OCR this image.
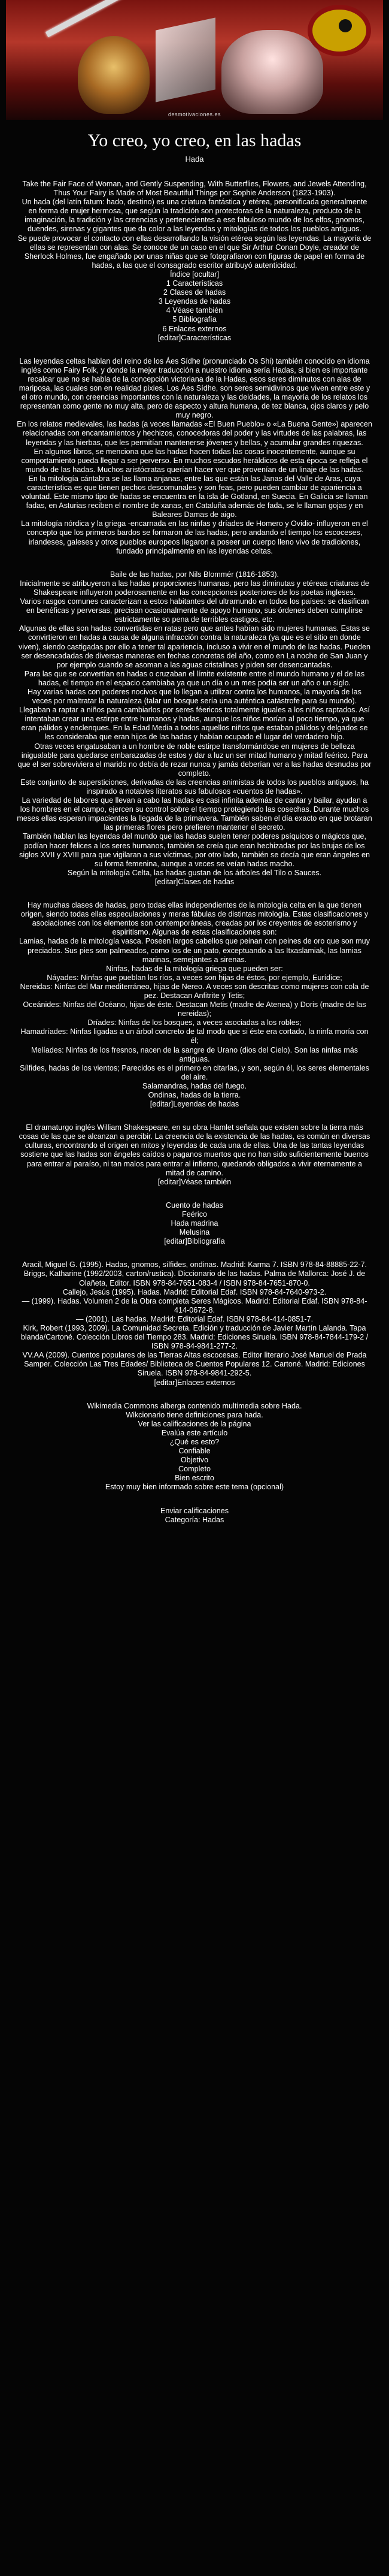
desmotivaciones.es
Yo creo, yo creo, en las hadas
Hada

Take the Fair Face of Woman, and Gently Suspending, With Butterflies, Flowers, and Jewels Attending, Thus Your Fairy is Made of Most Beautiful Things por Sophie Anderson (1823-1903).
Un hada (del latín fatum: hado, destino) es una criatura fantástica y etérea, personificada generalmente en forma de mujer hermosa, que según la tradición son protectoras de la naturaleza, producto de la imaginación, la tradición y las creencias y pertenecientes a ese fabuloso mundo de los elfos, gnomos, duendes, sirenas y gigantes que da color a las leyendas y mitologías de todos los pueblos antiguos.
Se puede provocar el contacto con ellas desarrollando la visión etérea según las leyendas. La mayoría de ellas se representan con alas. Se conoce de un caso en el que Sir Arthur Conan Doyle, creador de Sherlock Holmes, fue engañado por unas niñas que se fotografiaron con figuras de papel en forma de hadas, a las que el consagrado escritor atribuyó autenticidad.
Índice [ocultar]
1 Características
2 Clases de hadas
3 Leyendas de hadas
4 Véase también
5 Bibliografía
6 Enlaces externos
[editar]Características

Las leyendas celtas hablan del reino de los Áes Sídhe (pronunciado Os Shi) también conocido en idioma inglés como Fairy Folk, y donde la mejor traducción a nuestro idioma sería Hadas, si bien es importante recalcar que no se habla de la concepción victoriana de la Hadas, esos seres diminutos con alas de mariposa, las cuales son en realidad pixies. Los Áes Sídhe, son seres semidivinos que viven entre este y el otro mundo, con creencias importantes con la naturaleza y las deidades, la mayoría de los relatos los representan como gente no muy alta, pero de aspecto y altura humana, de tez blanca, ojos claros y pelo muy negro.
En los relatos medievales, las hadas (a veces llamadas «El Buen Pueblo» o «La Buena Gente») aparecen relacionadas con encantamientos y hechizos, conocedoras del poder y las virtudes de las palabras, las leyendas y las hierbas, que les permitían mantenerse jóvenes y bellas, y acumular grandes riquezas.
En algunos libros, se menciona que las hadas hacen todas las cosas inocentemente, aunque su comportamiento pueda llegar a ser perverso. En muchos escudos heráldicos de esta época se refleja el mundo de las hadas. Muchos aristócratas querían hacer ver que provenían de un linaje de las hadas.
En la mitología cántabra se las llama anjanas, entre las que están las Janas del Valle de Aras, cuya característica es que tienen pechos descomunales y son feas, pero pueden cambiar de apariencia a voluntad. Este mismo tipo de hadas se encuentra en la isla de Gotland, en Suecia. En Galicia se llaman fadas, en Asturias reciben el nombre de xanas, en Cataluña además de fada, se le llaman gojas y en Baleares Damas de aigo.
La mitología nórdica y la griega -encarnada en las ninfas y dríades de Homero y Ovidio- influyeron en el concepto que los primeros bardos se formaron de las hadas, pero andando el tiempo los escoceses, irlandeses, galeses y otros pueblos europeos llegaron a poseer un cuerpo lleno vivo de tradiciones, fundado principalmente en las leyendas celtas.

Baile de las hadas, por Nils Blommér (1816-1853).
Inicialmente se atribuyeron a las hadas proporciones humanas, pero las diminutas y etéreas criaturas de Shakespeare influyeron poderosamente en las concepciones posteriores de los poetas ingleses.
Varios rasgos comunes caracterizan a estos habitantes del ultramundo en todos los países: se clasifican en benéficas y perversas, precisan ocasionalmente de apoyo humano, sus órdenes deben cumplirse estrictamente so pena de terribles castigos, etc.
Algunas de ellas son hadas convertidas en ratas pero que antes habían sido mujeres humanas. Estas se convirtieron en hadas a causa de alguna infracción contra la naturaleza (ya que es el sitio en donde viven), siendo castigadas por ello a tener tal apariencia, incluso a vivir en el mundo de las hadas. Pueden ser desencadadas de diversas maneras en fechas concretas del año, como en La noche de San Juan y por ejemplo cuando se asoman a las aguas cristalinas y piden ser desencantadas.
Para las que se convertían en hadas o cruzaban el límite existente entre el mundo humano y el de las hadas, el tiempo en el espacio cambiaba ya que un día o un mes podía ser un año o un siglo.
Hay varias hadas con poderes nocivos que lo llegan a utilizar contra los humanos, la mayoría de las veces por maltratar la naturaleza (talar un bosque sería una auténtica catástrofe para su mundo).
Llegaban a raptar a niños para cambiarlos por seres féericos totalmente iguales a los niños raptados. Así intentaban crear una estirpe entre humanos y hadas, aunque los niños morían al poco tiempo, ya que eran pálidos y enclenques. En la Edad Media a todos aquellos niños que estaban pálidos y delgados se les consideraba que eran hijos de las hadas y habían ocupado el lugar del verdadero hijo.
Otras veces engatusaban a un hombre de noble estirpe transformándose en mujeres de belleza inigualable para quedarse embarazadas de estos y dar a luz un ser mitad humano y mitad feérico. Para que el ser sobreviviera el marido no debía de rezar nunca y jamás deberían ver a las hadas desnudas por completo.
Este conjunto de supersticiones, derivadas de las creencias animistas de todos los pueblos antiguos, ha inspirado a notables literatos sus fabulosos «cuentos de hadas».
La variedad de labores que llevan a cabo las hadas es casi infinita además de cantar y bailar, ayudan a los hombres en el campo, ejercen su control sobre el tiempo protegiendo las cosechas. Durante muchos meses ellas esperan impacientes la llegada de la primavera. También saben el día exacto en que brotaran las primeras flores pero prefieren mantener el secreto.
También hablan las leyendas del mundo que las hadas suelen tener poderes psíquicos o mágicos que, podían hacer felices a los seres humanos, también se creía que eran hechizadas por las brujas de los siglos XVII y XVIII para que vigilaran a sus víctimas, por otro lado, también se decía que eran ángeles en su forma femenina, aunque a veces se veían hadas macho.
Según la mitología Celta, las hadas gustan de los árboles del Tilo o Sauces.
[editar]Clases de hadas

Hay muchas clases de hadas, pero todas ellas independientes de la mitología celta en la que tienen origen, siendo todas ellas especulaciones y meras fábulas de distintas mitología. Estas clasificaciones y asociaciones con los elementos son contemporáneas, creadas por los creyentes de esoterismo y espiritismo. Algunas de estas clasificaciones son:
Lamias, hadas de la mitología vasca. Poseen largos cabellos que peinan con peines de oro que son muy preciados. Sus pies son palmeados, como los de un pato, exceptuando a las Itxaslamiak, las lamias marinas, semejantes a sirenas.
Ninfas, hadas de la mitología griega que pueden ser:
Náyades: Ninfas que pueblan los ríos, a veces son hijas de éstos, por ejemplo, Eurídice;
Nereidas: Ninfas del Mar mediterráneo, hijas de Nereo. A veces son descritas como mujeres con cola de pez. Destacan Anfitrite y Tetis;
Oceánides: Ninfas del Océano, hijas de éste. Destacan Metis (madre de Atenea) y Doris (madre de las nereidas);
Dríades: Ninfas de los bosques, a veces asociadas a los robles;
Hamadríades: Ninfas ligadas a un árbol concreto de tal modo que si éste era cortado, la ninfa moría con él;
Melíades: Ninfas de los fresnos, nacen de la sangre de Urano (dios del Cielo). Son las ninfas más antiguas.
Sílfides, hadas de los vientos; Parecidos es el primero en citarlas, y son, según él, los seres elementales del aire.
Salamandras, hadas del fuego.
Ondinas, hadas de la tierra.
[editar]Leyendas de hadas

El dramaturgo inglés William Shakespeare, en su obra Hamlet señala que existen sobre la tierra más cosas de las que se alcanzan a percibir. La creencia de la existencia de las hadas, es común en diversas culturas, encontrando el origen en mitos y leyendas de cada una de ellas. Una de las tantas leyendas sostiene que las hadas son ángeles caídos o paganos muertos que no han sido suficientemente buenos para entrar al paraíso, ni tan malos para entrar al infierno, quedando obligados a vivir eternamente a mitad de camino.
[editar]Véase también

Cuento de hadas
Feérico
Hada madrina
Melusina
[editar]Bibliografía

Aracil, Miguel G. (1995). Hadas, gnomos, sílfides, ondinas. Madrid: Karma 7. ISBN 978-84-88885-22-7.
Briggs, Katharine (1992/2003, carton/rustica). Diccionario de las hadas. Palma de Mallorca: José J. de Olañeta, Editor. ISBN 978-84-7651-083-4 / ISBN 978-84-7651-870-0.
Callejo, Jesús (1995). Hadas. Madrid: Editorial Edaf. ISBN 978-84-7640-973-2.
— (1999). Hadas. Volumen 2 de la Obra completa Seres Mágicos. Madrid: Editorial Edaf. ISBN 978-84-414-0672-8.
— (2001). Las hadas. Madrid: Editorial Edaf. ISBN 978-84-414-0851-7.
Kirk, Robert (1993, 2009). La Comunidad Secreta. Edición y traducción de Javier Martín Lalanda. Tapa blanda/Cartoné. Colección Libros del Tiempo 283. Madrid: Ediciones Siruela. ISBN 978-84-7844-179-2 / ISBN 978-84-9841-277-2.
VV.AA (2009). Cuentos populares de las Tierras Altas escocesas. Editor literario José Manuel de Prada Samper. Colección Las Tres Edades/ Biblioteca de Cuentos Populares 12. Cartoné. Madrid: Ediciones Siruela. ISBN 978-84-9841-292-5.
[editar]Enlaces externos

Wikimedia Commons alberga contenido multimedia sobre Hada.
Wikcionario tiene definiciones para hada.
Ver las calificaciones de la página
Evalúa este artículo
¿Qué es esto?
Confiable
Objetivo
Completo
Bien escrito
Estoy muy bien informado sobre este tema (opcional)

Enviar calificaciones
Categoría: Hadas
